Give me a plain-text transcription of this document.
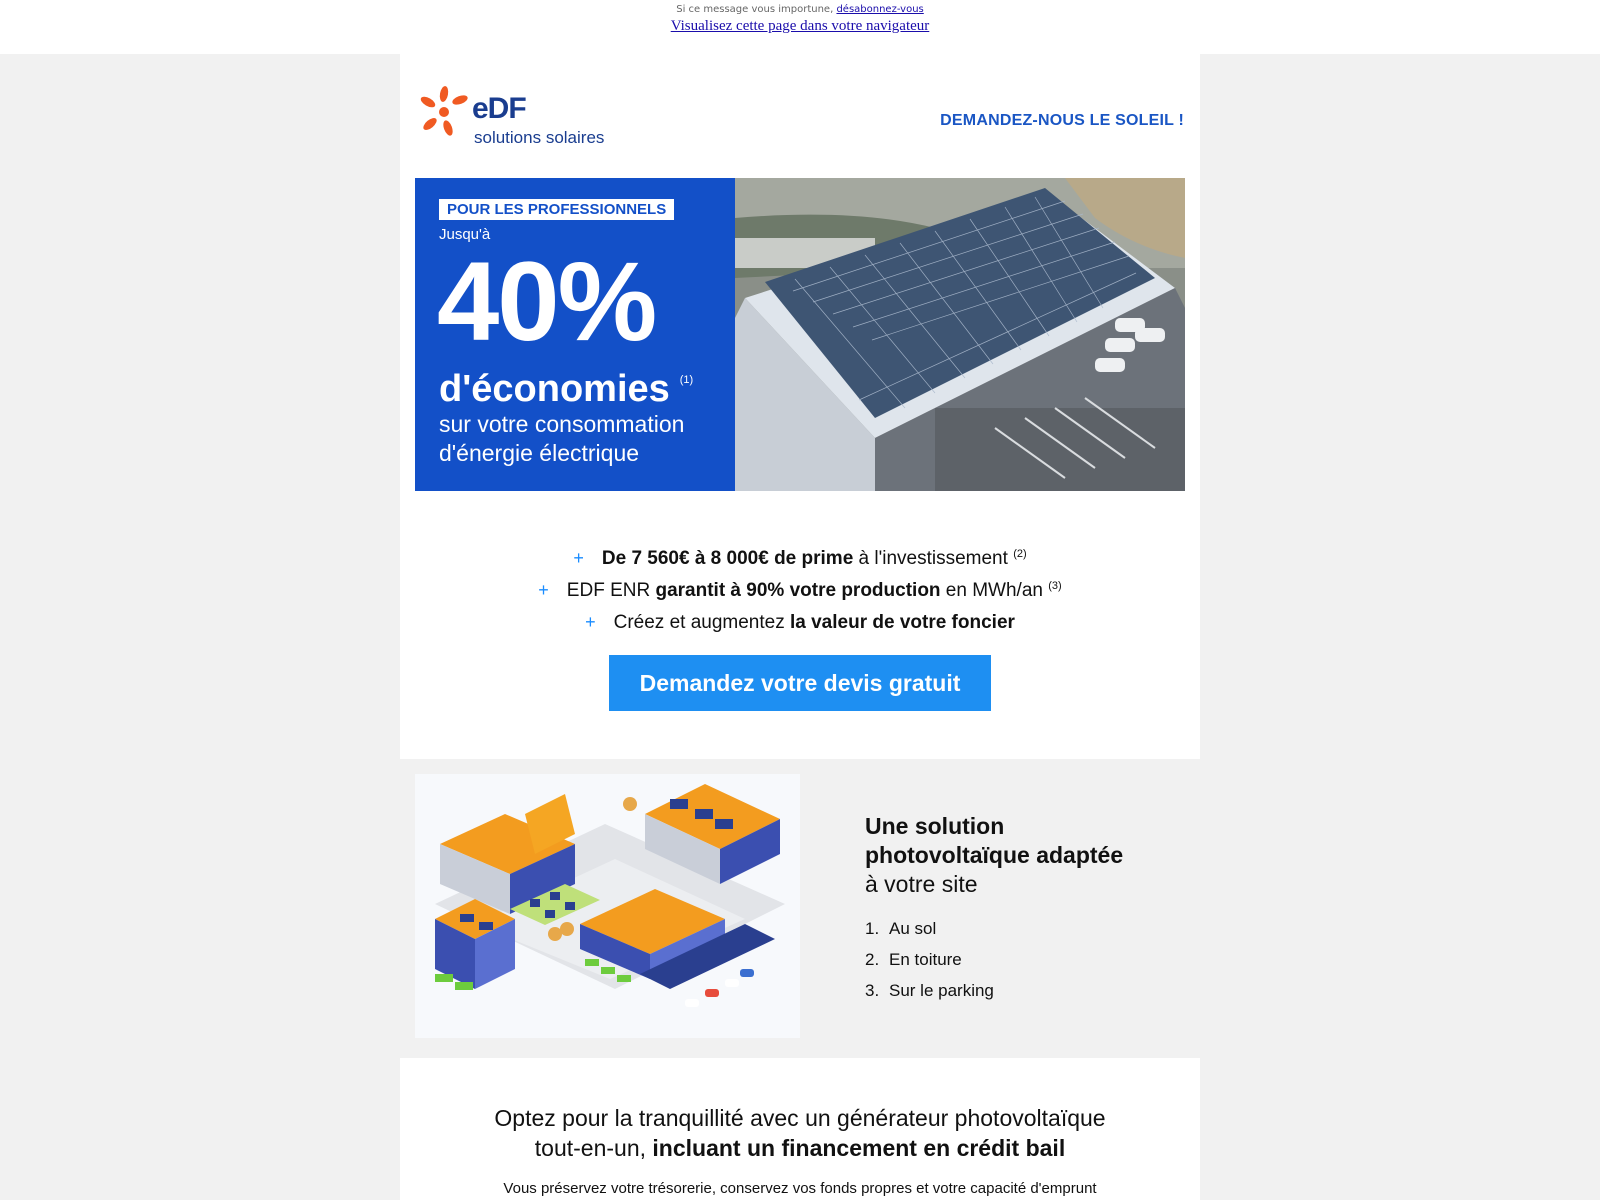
Si ce message vous importune, désabonnez-vous
Visualisez cette page dans votre navigateur
eDF
solutions solaires
DEMANDEZ-NOUS LE SOLEIL !
POUR LES PROFESSIONNELS
Jusqu'à
40%
d'économies $^{(1)}$
sur votre consommation
d'énergie électrique
+ De 7 560€ à 8 000€ de prime à l'investissement $^{(2)}$
+ EDF ENR garantit à 90% votre production en MWh/an $^{(3)}$
+ Créez et augmentez la valeur de votre foncier
Demandez votre devis gratuit
Une solution
photovoltaïque adaptée
à votre site
1. Au sol
2. En toiture
3. Sur le parking
Optez pour la tranquillité avec un générateur photovoltaïque
tout-en-un, incluant un financement en crédit bail
Vous préservez votre trésorerie, conservez vos fonds propres et votre capacité d'emprunt
